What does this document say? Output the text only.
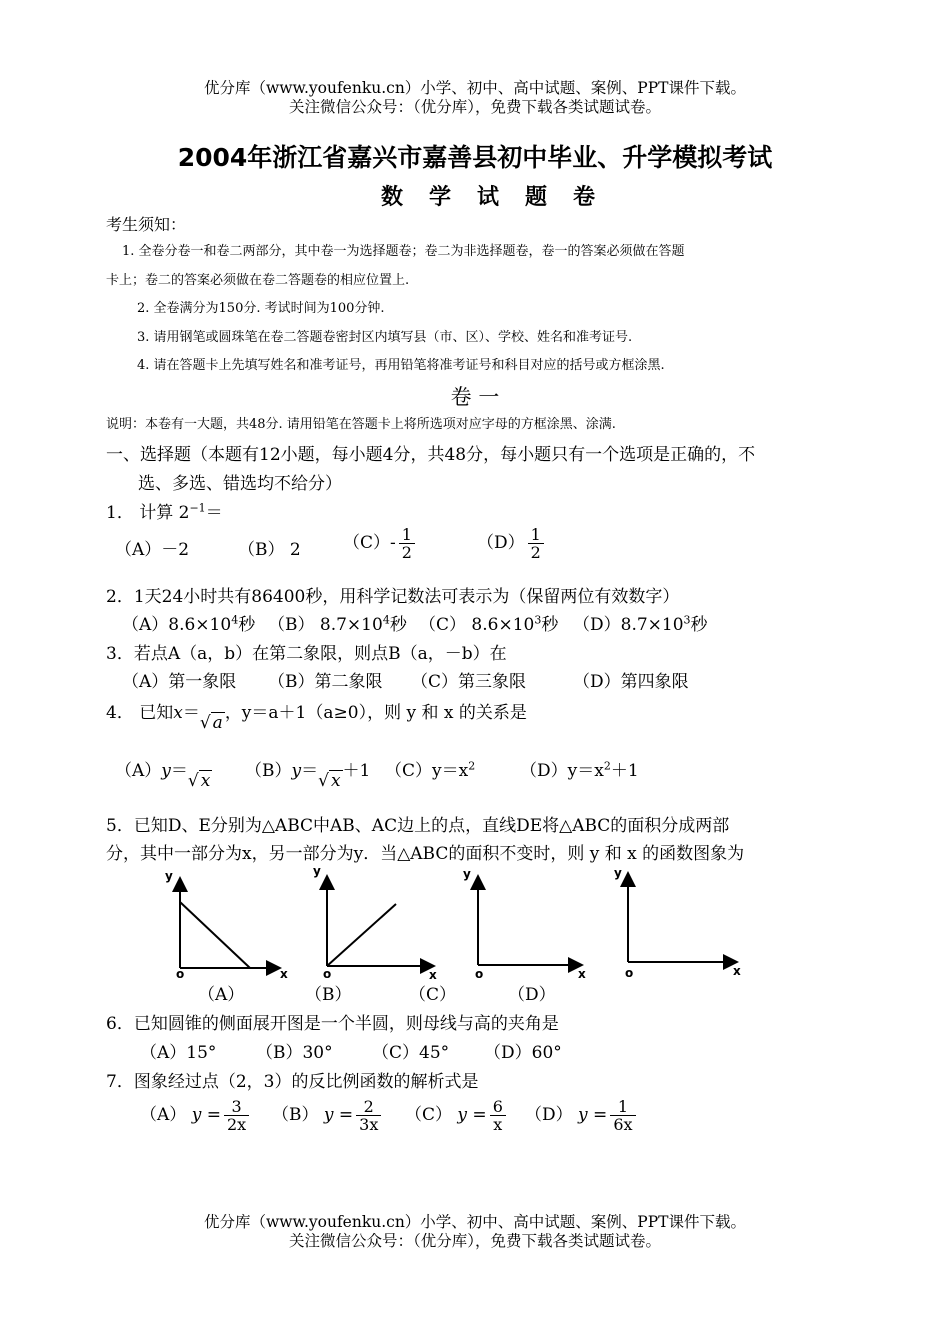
优分库（www.youfenku.cn）小学、初中、高中试题、案例、PPT课件下载。
关注微信公众号：（优分库），免费下载各类试题试卷。
2004年浙江省嘉兴市嘉善县初中毕业、升学模拟考试
数学试题卷
考生须知：
1. 全卷分卷一和卷二两部分，其中卷一为选择题卷；卷二为非选择题卷，卷一的答案必须做在答题
卡上；卷二的答案必须做在卷二答题卷的相应位置上.
2. 全卷满分为150分. 考试时间为100分钟.
3. 请用钢笔或圆珠笔在卷二答题卷密封区内填写县（市、区）、学校、姓名和准考证号.
4. 请在答题卡上先填写姓名和准考证号，再用铅笔将准考证号和科目对应的括号或方框涂黑.
卷 一
说明：本卷有一大题，共48分. 请用铅笔在答题卡上将所选项对应字母的方框涂黑、涂满.
一、选择题（本题有12小题，每小题4分，共48分，每小题只有一个选项是正确的，不
选、多选、错选均不给分）
1． 计算 $2^{-1}=$
（A）－2	（B） 2 $(C)- \frac{1}{2}$	$(D) \frac{1}{2}$
2．1天24小时共有86400秒，用科学记数法可表示为（保留两位有效数字）
$(A)8.6\times 10^4$秒 （B） $8.7\times 10^4$秒 （C） $8.6\times 10^3$秒 $(D)8.7\times 10^3$秒
3．若点A（a，b）在第二象限，则点B（a，－b）在
（A）第一象限 （B）第二象限 （C）第三象限	（D）第四象限
4． 已知x＝√ a ，y＝a＋1（a≥0），则 y 和 x 的关系是
（A）y＝√ x （B）y＝√ x ＋1 $(C)y=x^2$	$(D)y=x^2+1$
5．已知D、E分别为△ABC中AB、AC边上的点，直线DE将△ABC的面积分成两部
分，其中一部分为x，另一部分为y．当△ABC的面积不变时，则 y 和 x 的函数图象为
y
x
o
y
x
o
y
x
o
y
x
o
（A）	（B）	（C）	（D）
6．已知圆锥的侧面展开图是一个半圆，则母线与高的夹角是
（A）15° （B）30° （C）45° （D）60°
7．图象经过点（2，3）的反比例函数的解析式是
（A） $y = \frac{3}{2x} (B) y = \frac{2}{3x} (C) y = \frac{6}{x} (D) y = \frac{1}{6x}$
优分库（www.youfenku.cn）小学、初中、高中试题、案例、PPT课件下载。
关注微信公众号：（优分库），免费下载各类试题试卷。
